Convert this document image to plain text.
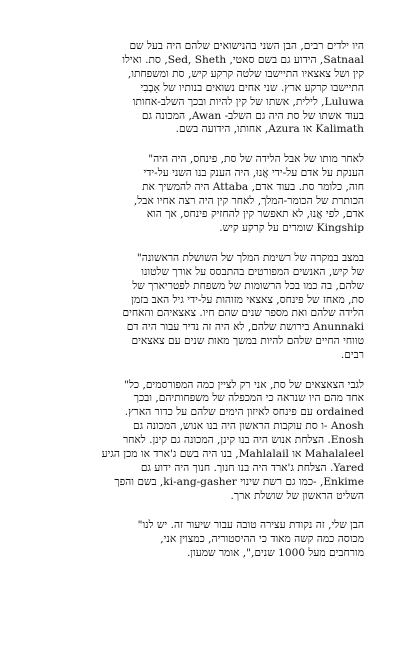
היו ילדים רבים, הבן השני בהנישואים שלהם היה בעל שם
Satnaal, הידוע גם בשם סאטי, Sed, Sheth, סת. ואילו
קין ושל צאצאיו התיישבו שלטה קרקע קיש, סת ומשפחתו,
התיישבו קרקע ארץ. שני אחים נשואים בנותיו של אָבָבִי
Luluwa, לילית, אשתו של קין להיות ובכך השלב-אחותו
בעוד אשתו של סת היה גם השלב- Awan, המכונה גם
Kalimath או Azura, אחותו, הידועה בשם.

לאחר מותו של אבל הלידה של סת, פינחס, היה היה"
הענקת על אדם על-ידי אֲנוּ, היה הענק בנו השני על-ידי
חוה, כלומר סת. בעוד אדם, Attaba היה להמשיך את
הכותרת של הכומר-המלך, לאחר קין היה רצה אחיו אבל,
אדם, לפי אֲנוּ, לא תאפשר קין להחזיק פינחס, אך הוא
Kingship שומרים על קרקע קיש.

במצב במקרה של רשימת המלך של השושלת הראשונה"
של קיש, האנשים המפורטים בהתבסס על אורך שלטונו
שלהם, בה כמו בכל הרשומות של משפחת לפטריארך של
סת, מאחז של פינחס, צאצאי מזוהות על-ידי גיל האב בזמן
הלידה שלהם ואת מספר שנים שהם חיו. צאצאיהם והאחים
Anunnaki בירושת שלהם, לא היה זה נדיר עבור היה דם
טווחי החיים שלהם להיות במשך מאות שנים עם צאצאים
רבים.

לגבי הצאצאים של סת, אני רק לציין כמה המפורסמים, כל"
אחד מהם היו שנראה כי המכפלה של משפחותיהם, ובכך
ordained עם פינחס לאיזון הימים שלהם על כדור הארץ.
Anosh -ו סת עוקבות הראשון היה בנו אנוש, המכונה גם
Enosh. הצלחת אנוש היה בנו קינן, המכונה גם קינן. לאחר
Mahalaleel או Mahlalail, בנו היה בשם ג'ארד או מכן הגיע
Yared. הצלחת ג'ארד היה בנו חנוך. חנוך היה ידוע גם
Enkime, -כמו גם רשת שינוי ki-ang-gasher, בשם והפך
השליט הראשון של שושלת ארך.

הבן שלי, זה נקודת עצירה טובה עבור שיעור זה. יש לנו"
מכוסה כמה קשה מאוד כי ההיסטוריה, כמצוין אני,
מורחבים מעל 1000 שנים,", אומר שמעון.
